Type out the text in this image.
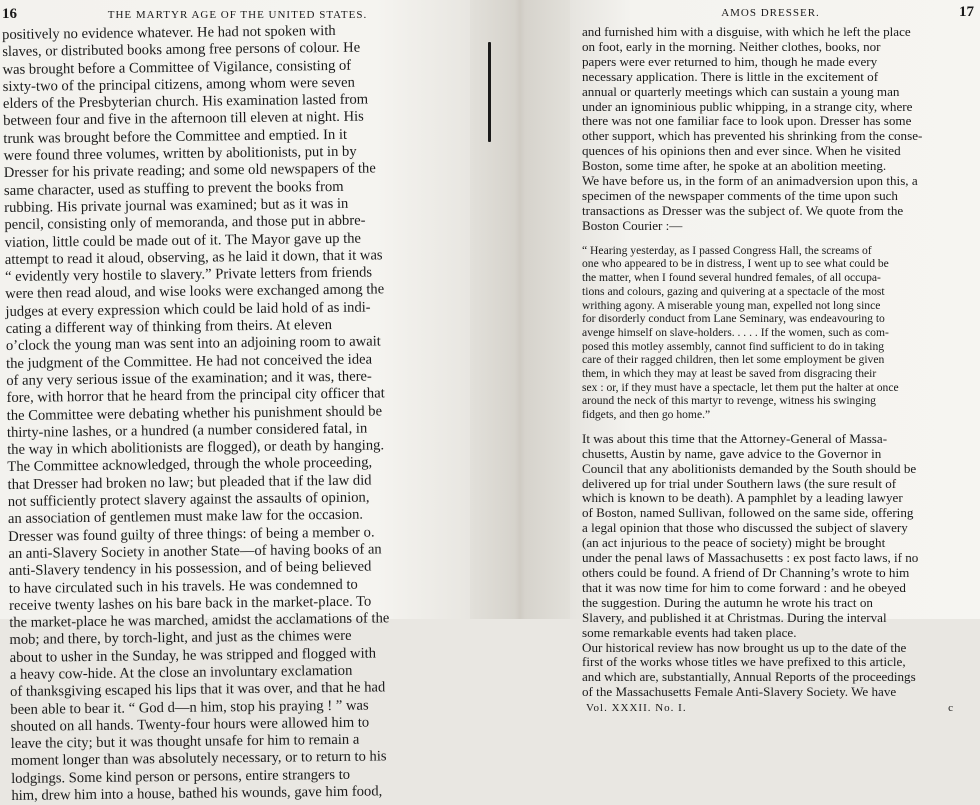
16	THE MARTYR AGE OF THE UNITED STATES.
positively no evidence whatever. He had not spoken with
slaves, or distributed books among free persons of colour. He
was brought before a Committee of Vigilance, consisting of
sixty-two of the principal citizens, among whom were seven
elders of the Presbyterian church. His examination lasted from
between four and five in the afternoon till eleven at night. His
trunk was brought before the Committee and emptied. In it
were found three volumes, written by abolitionists, put in by
Dresser for his private reading; and some old newspapers of the
same character, used as stuffing to prevent the books from
rubbing. His private journal was examined; but as it was in
pencil, consisting only of memoranda, and those put in abbre-
viation, little could be made out of it. The Mayor gave up the
attempt to read it aloud, observing, as he laid it down, that it was
“ evidently very hostile to slavery.” Private letters from friends
were then read aloud, and wise looks were exchanged among the
judges at every expression which could be laid hold of as indi-
cating a different way of thinking from theirs. At eleven
o’clock the young man was sent into an adjoining room to await
the judgment of the Committee. He had not conceived the idea
of any very serious issue of the examination; and it was, there-
fore, with horror that he heard from the principal city officer that
the Committee were debating whether his punishment should be
thirty-nine lashes, or a hundred (a number considered fatal, in
the way in which abolitionists are flogged), or death by hanging.
The Committee acknowledged, through the whole proceeding,
that Dresser had broken no law; but pleaded that if the law did
not sufficiently protect slavery against the assaults of opinion,
an association of gentlemen must make law for the occasion.
Dresser was found guilty of three things: of being a member o.
an anti-Slavery Society in another State—of having books of an
anti-Slavery tendency in his possession, and of being believed
to have circulated such in his travels. He was condemned to
receive twenty lashes on his bare back in the market-place. To
the market-place he was marched, amidst the acclamations of the
mob; and there, by torch-light, and just as the chimes were
about to usher in the Sunday, he was stripped and flogged with
a heavy cow-hide. At the close an involuntary exclamation
of thanksgiving escaped his lips that it was over, and that he had
been able to bear it. “ God d—n him, stop his praying ! ” was
shouted on all hands. Twenty-four hours were allowed him to
leave the city; but it was thought unsafe for him to remain a
moment longer than was absolutely necessary, or to return to his
lodgings. Some kind person or persons, entire strangers to
him, drew him into a house, bathed his wounds, gave him food,
AMOS DRESSER.	17
and furnished him with a disguise, with which he left the place
on foot, early in the morning. Neither clothes, books, nor
papers were ever returned to him, though he made every
necessary application. There is little in the excitement of
annual or quarterly meetings which can sustain a young man
under an ignominious public whipping, in a strange city, where
there was not one familiar face to look upon. Dresser has some
other support, which has prevented his shrinking from the conse-
quences of his opinions then and ever since. When he visited
Boston, some time after, he spoke at an abolition meeting.
We have before us, in the form of an animadversion upon this, a
specimen of the newspaper comments of the time upon such
transactions as Dresser was the subject of. We quote from the
Boston Courier :—
“ Hearing yesterday, as I passed Congress Hall, the screams of
one who appeared to be in distress, I went up to see what could be
the matter, when I found several hundred females, of all occupa-
tions and colours, gazing and quivering at a spectacle of the most
writhing agony. A miserable young man, expelled not long since
for disorderly conduct from Lane Seminary, was endeavouring to
avenge himself on slave-holders. . . . . If the women, such as com-
posed this motley assembly, cannot find sufficient to do in taking
care of their ragged children, then let some employment be given
them, in which they may at least be saved from disgracing their
sex : or, if they must have a spectacle, let them put the halter at once
around the neck of this martyr to revenge, witness his swinging
fidgets, and then go home.”
It was about this time that the Attorney-General of Massa-
chusetts, Austin by name, gave advice to the Governor in
Council that any abolitionists demanded by the South should be
delivered up for trial under Southern laws (the sure result of
which is known to be death). A pamphlet by a leading lawyer
of Boston, named Sullivan, followed on the same side, offering
a legal opinion that those who discussed the subject of slavery
(an act injurious to the peace of society) might be brought
under the penal laws of Massachusetts : ex post facto laws, if no
others could be found. A friend of Dr Channing’s wrote to him
that it was now time for him to come forward : and he obeyed
the suggestion. During the autumn he wrote his tract on
Slavery, and published it at Christmas. During the interval
some remarkable events had taken place.
Our historical review has now brought us up to the date of the
first of the works whose titles we have prefixed to this article,
and which are, substantially, Annual Reports of the proceedings
of the Massachusetts Female Anti-Slavery Society. We have
Vol. XXXII. No. I.	c
